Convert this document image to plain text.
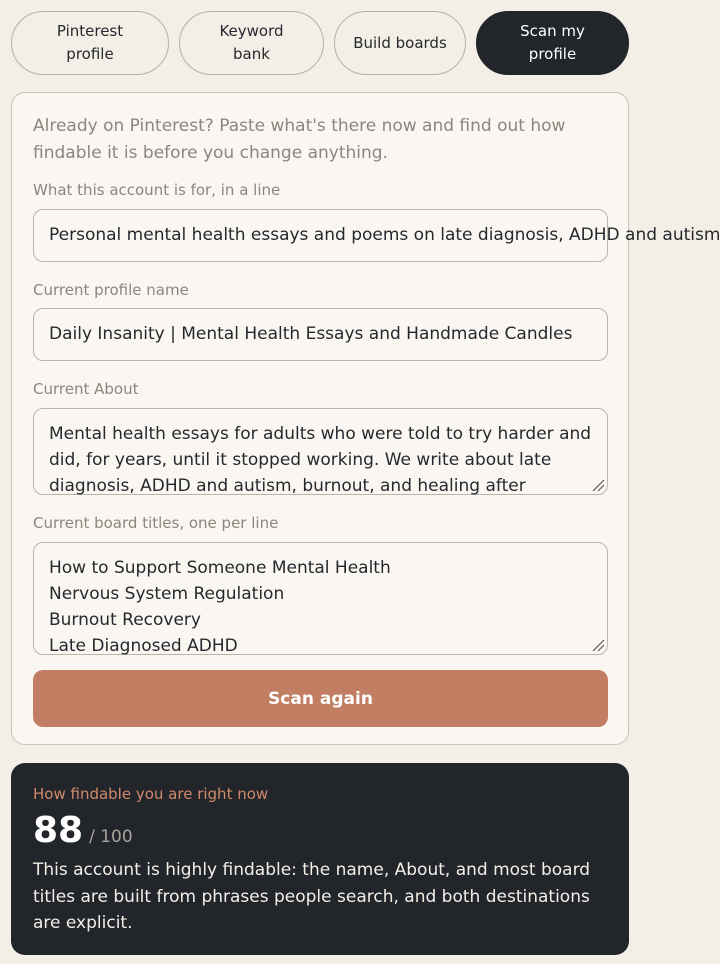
Pinterest profile
Keyword bank
Build boards
Scan my profile
Already on Pinterest? Paste what's there now and find out how findable it is before you change anything.
What this account is for, in a line
Personal mental health essays and poems on late diagnosis, ADHD and autism
Current profile name
Daily Insanity | Mental Health Essays and Handmade Candles
Current About
Mental health essays for adults who were told to try harder and did, for years, until it stopped working. We write about late diagnosis, ADHD and autism, burnout, and healing after
Current board titles, one per line
How to Support Someone Mental Health
Nervous System Regulation
Burnout Recovery
Late Diagnosed ADHD
Scan again
How findable you are right now
88 / 100
This account is highly findable: the name, About, and most board titles are built from phrases people search, and both destinations are explicit.
